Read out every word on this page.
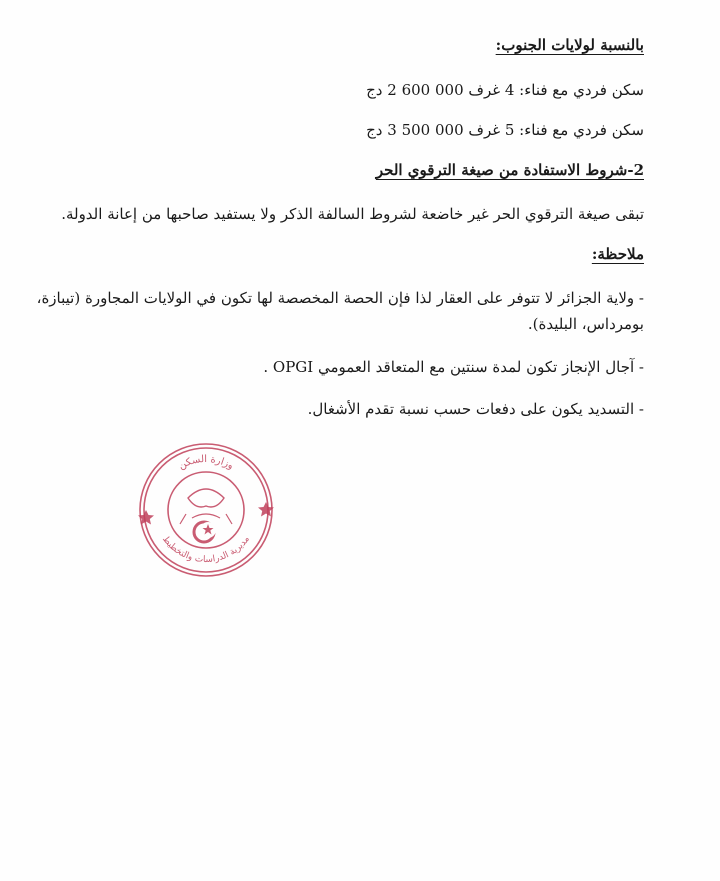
بالنسبة لولايات الجنوب:
سكن فردي مع فناء: 4 غرف 000 600 2 دج
سكن فردي مع فناء: 5 غرف 000 500 3 دج
2-شروط الاستفادة من صيغة الترقوي الحر
تبقى صيغة الترقوي الحر غير خاضعة لشروط السالفة الذكر ولا يستفيد صاحبها من إعانة الدولة.
ملاحظة:
- ولاية الجزائر لا تتوفر على العقار لذا فإن الحصة المخصصة لها تكون في الولايات المجاورة (تيبازة،
بومرداس، البليدة).
- آجال الإنجاز تكون لمدة سنتين مع المتعاقد العمومي OPGI .
- التسديد يكون على دفعات حسب نسبة تقدم الأشغال.
وزارة السكن
مديرية الدراسات والتخطيط
